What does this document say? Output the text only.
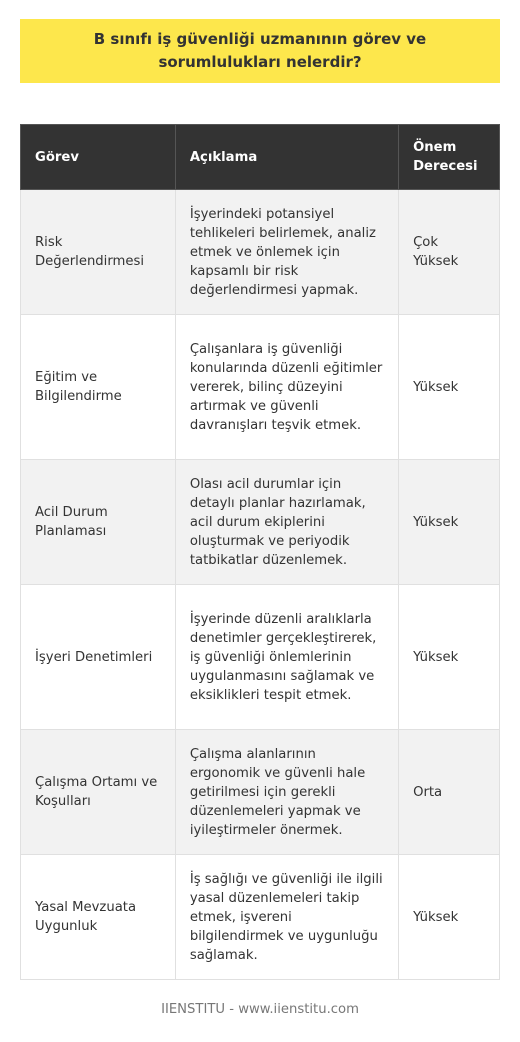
B sınıfı iş güvenliği uzmanının görev ve sorumlulukları nelerdir?
Görev	Açıklama	Önem Derecesi
Risk Değerlendirmesi	İşyerindeki potansiyel tehlikeleri belirlemek, analiz etmek ve önlemek için kapsamlı bir risk değerlendirmesi yapmak.	Çok Yüksek
Eğitim ve Bilgilendirme	Çalışanlara iş güvenliği konularında düzenli eğitimler vererek, bilinç düzeyini artırmak ve güvenli davranışları teşvik etmek.	Yüksek
Acil Durum Planlaması	Olası acil durumlar için detaylı planlar hazırlamak, acil durum ekiplerini oluşturmak ve periyodik tatbikatlar düzenlemek.	Yüksek
İşyeri Denetimleri	İşyerinde düzenli aralıklarla denetimler gerçekleştirerek, iş güvenliği önlemlerinin uygulanmasını sağlamak ve eksiklikleri tespit etmek.	Yüksek
Çalışma Ortamı ve Koşulları	Çalışma alanlarının ergonomik ve güvenli hale getirilmesi için gerekli düzenlemeleri yapmak ve iyileştirmeler önermek.	Orta
Yasal Mevzuata Uygunluk	İş sağlığı ve güvenliği ile ilgili yasal düzenlemeleri takip etmek, işvereni bilgilendirmek ve uygunluğu sağlamak.	Yüksek
IIENSTITU - www.iienstitu.com
